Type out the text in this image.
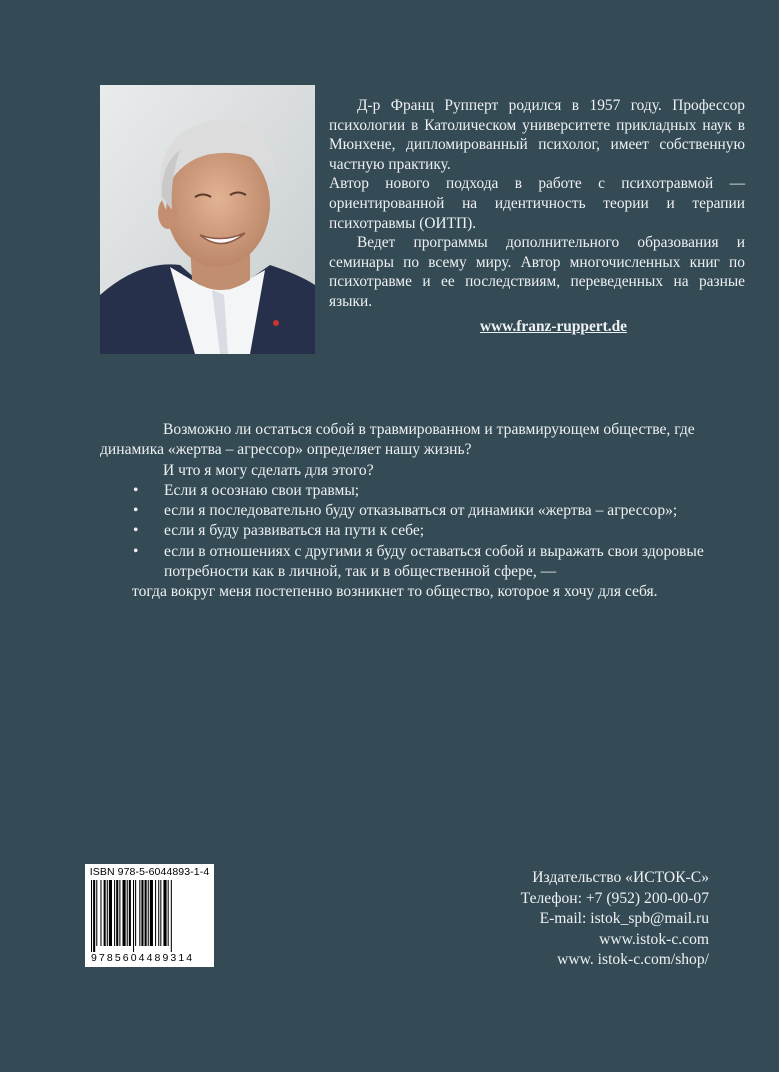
Д-р Франц Рупперт родился в 1957 году. Профессор психологии в Католическом университете прикладных наук в Мюнхене, дипломированный психолог, имеет собственную частную практику.

Автор нового подхода в работе с психотравмой — ориентированной на идентичность теории и терапии психотравмы (ОИТП).

Ведет программы дополнительного образования и семинары по всему миру. Автор многочисленных книг по психотравме и ее последствиям, переведенных на разные языки.

www.franz-ruppert.de

Возможно ли остаться собой в травмированном и травмирующем обществе, где динамика «жертва – агрессор» определяет нашу жизнь?

И что я могу сделать для этого?

• Если я осознаю свои травмы;
• если я последовательно буду отказываться от динамики «жертва – агрессор»;
• если я буду развиваться на пути к себе;
• если в отношениях с другими я буду оставаться собой и выражать свои здоровые потребности как в личной, так и в общественной сфере, —

тогда вокруг меня постепенно возникнет то общество, которое я хочу для себя.

ISBN 978-5-6044893-1-4
9785604489314
Издательство «ИСТОК-С»
Телефон: +7 (952) 200-00-07
E-mail: istok_spb@mail.ru
www.istok-c.com
www. istok-c.com/shop/
